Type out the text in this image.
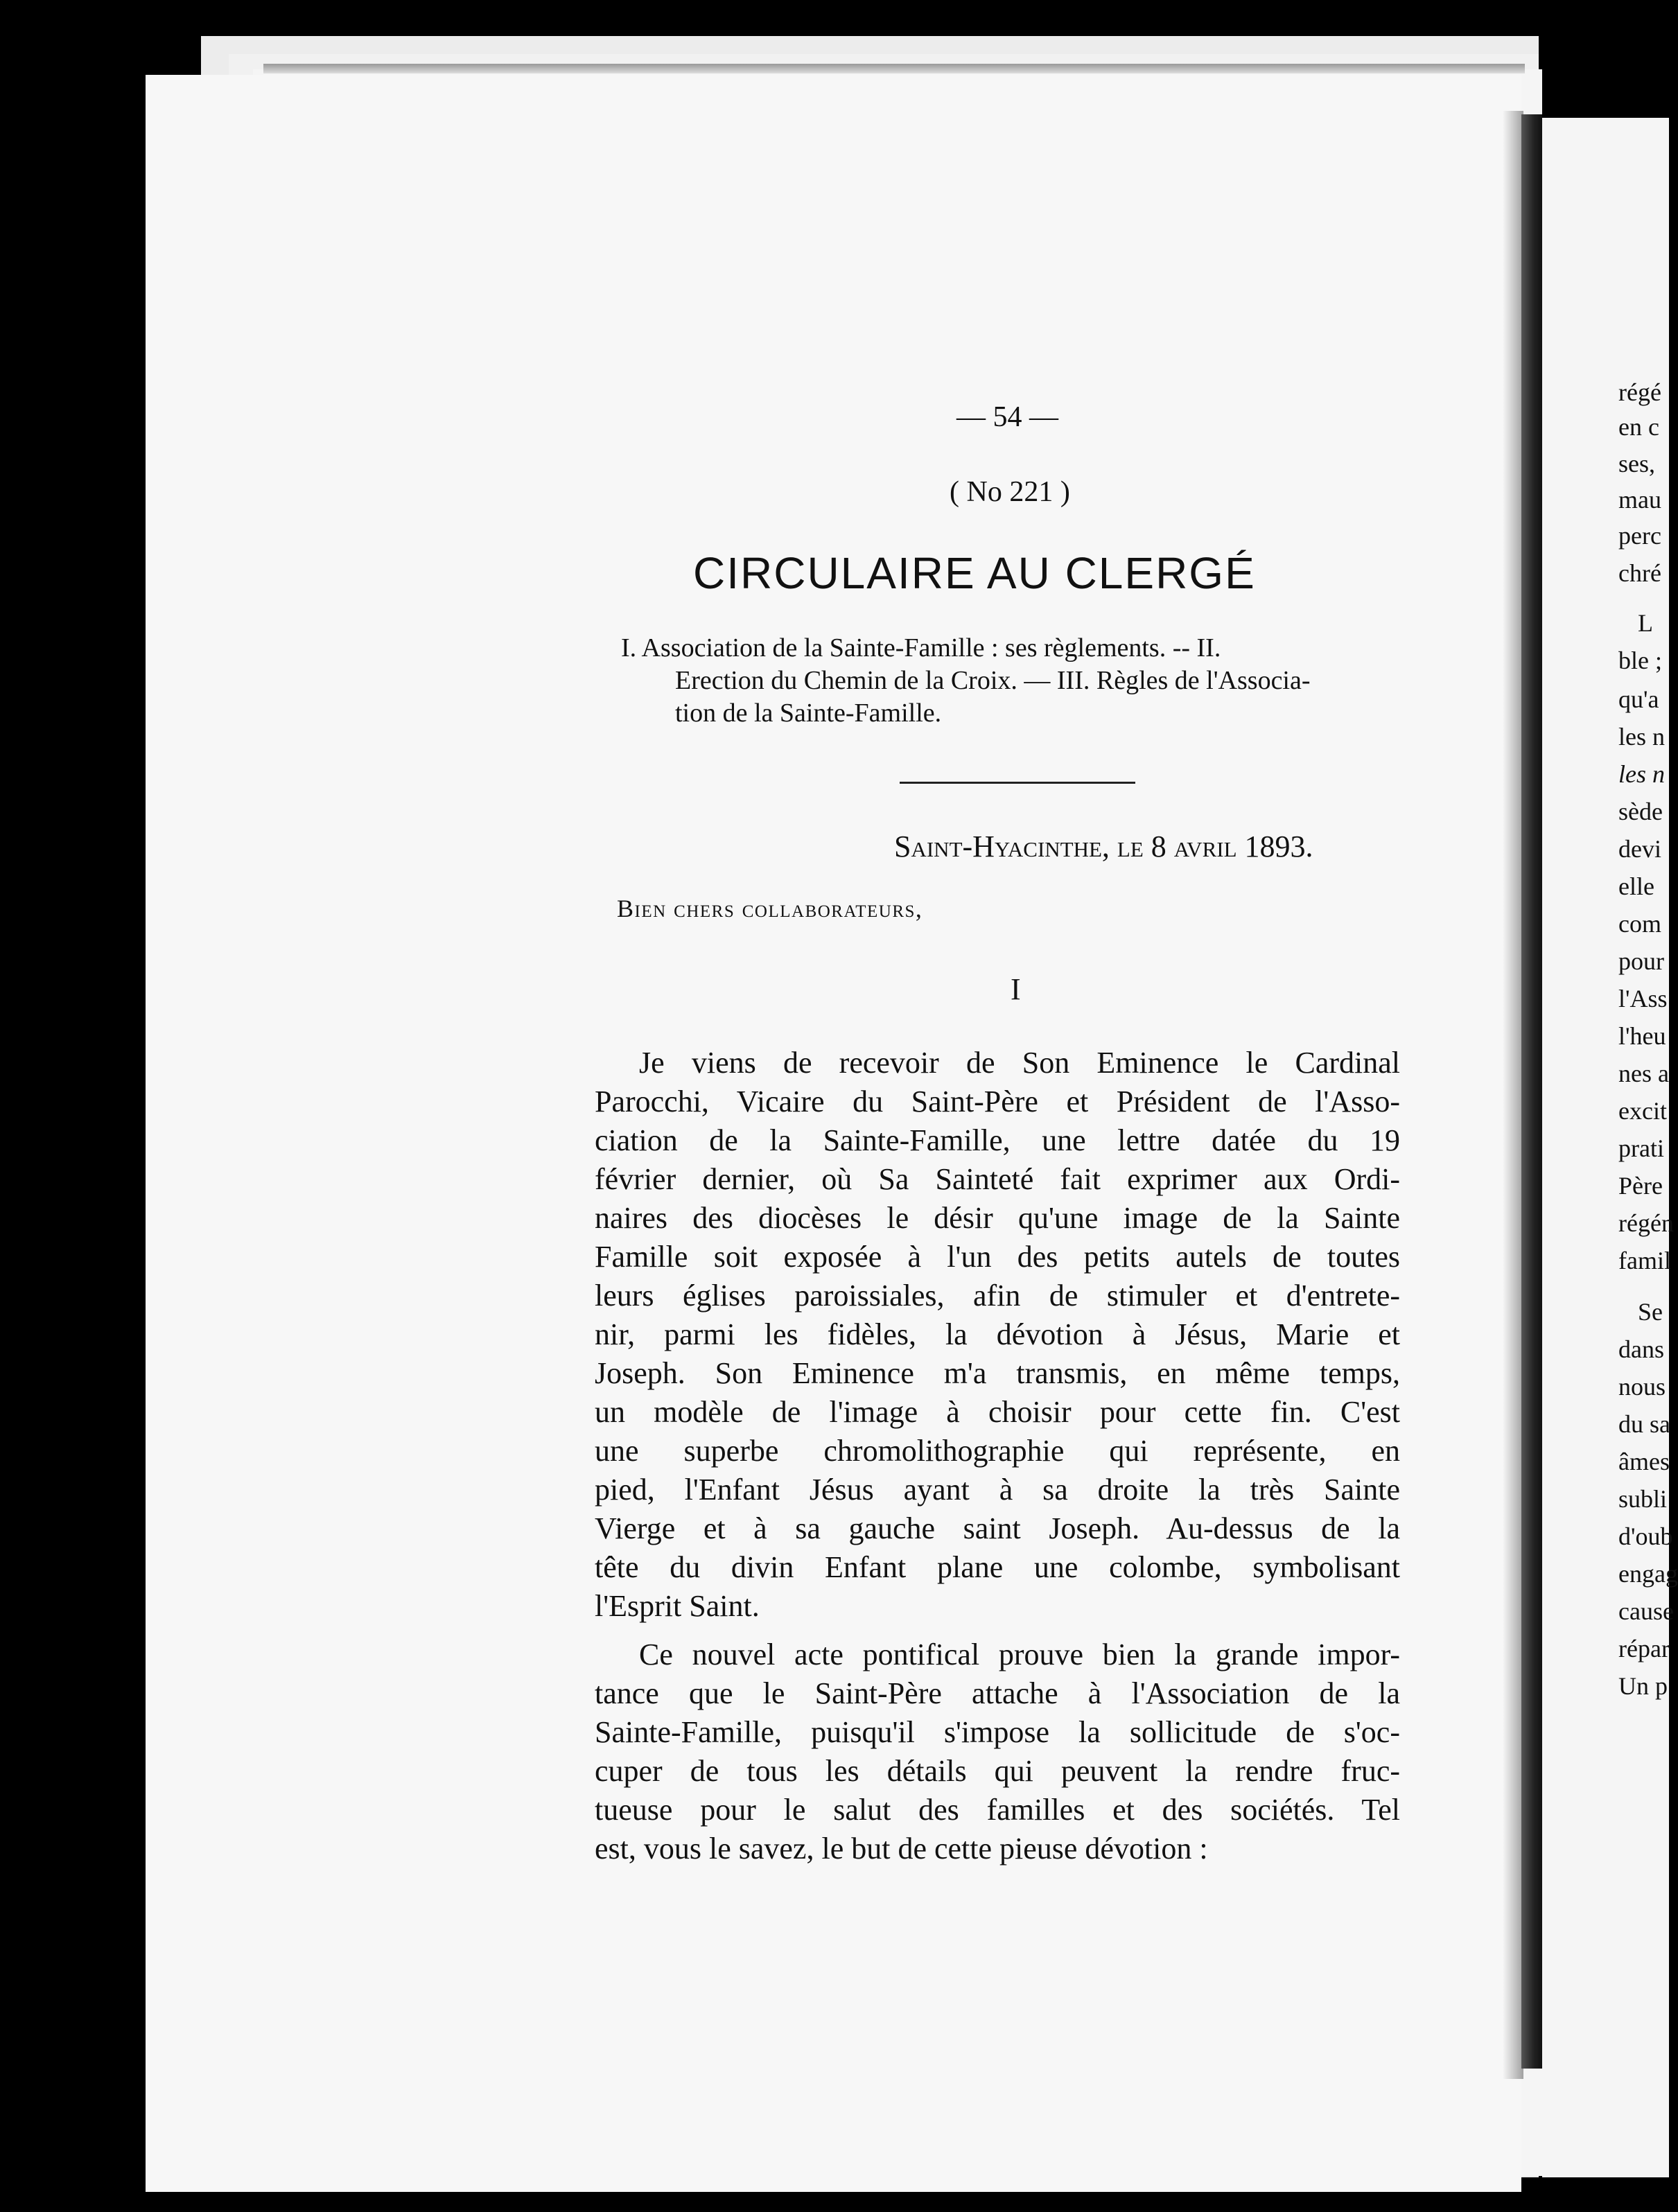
régé
en c
ses,
mau
perc
chré
L
ble ;
qu'a
les n
les n
sède
devi
elle
com
pour
l'Ass
l'heu
nes a
excit
prati
Père
régén
famil
Se
dans
nous
du sa
âmes
subli
d'oub
engag
cause
répar
Un p
— 54 —
( No 221 )
CIRCULAIRE AU CLERGÉ
I. Association de la Sainte-Famille : ses règlements. -- II.
Erection du Chemin de la Croix. — III. Règles de l'Associa-
tion de la Sainte-Famille.
Saint-Hyacinthe, le 8 avril 1893.
Bien chers collaborateurs,
I
Je viens de recevoir de Son Eminence le Cardinal
Parocchi, Vicaire du Saint-Père et Président de l'Asso-
ciation de la Sainte-Famille, une lettre datée du 19
février dernier, où Sa Sainteté fait exprimer aux Ordi-
naires des diocèses le désir qu'une image de la Sainte
Famille soit exposée à l'un des petits autels de toutes
leurs églises paroissiales, afin de stimuler et d'entrete-
nir, parmi les fidèles, la dévotion à Jésus, Marie et
Joseph. Son Eminence m'a transmis, en même temps,
un modèle de l'image à choisir pour cette fin. C'est
une superbe chromolithographie qui représente, en
pied, l'Enfant Jésus ayant à sa droite la très Sainte
Vierge et à sa gauche saint Joseph. Au-dessus de la
tête du divin Enfant plane une colombe, symbolisant
l'Esprit Saint.
Ce nouvel acte pontifical prouve bien la grande impor-
tance que le Saint-Père attache à l'Association de la
Sainte-Famille, puisqu'il s'impose la sollicitude de s'oc-
cuper de tous les détails qui peuvent la rendre fruc-
tueuse pour le salut des familles et des sociétés. Tel
est, vous le savez, le but de cette pieuse dévotion :
